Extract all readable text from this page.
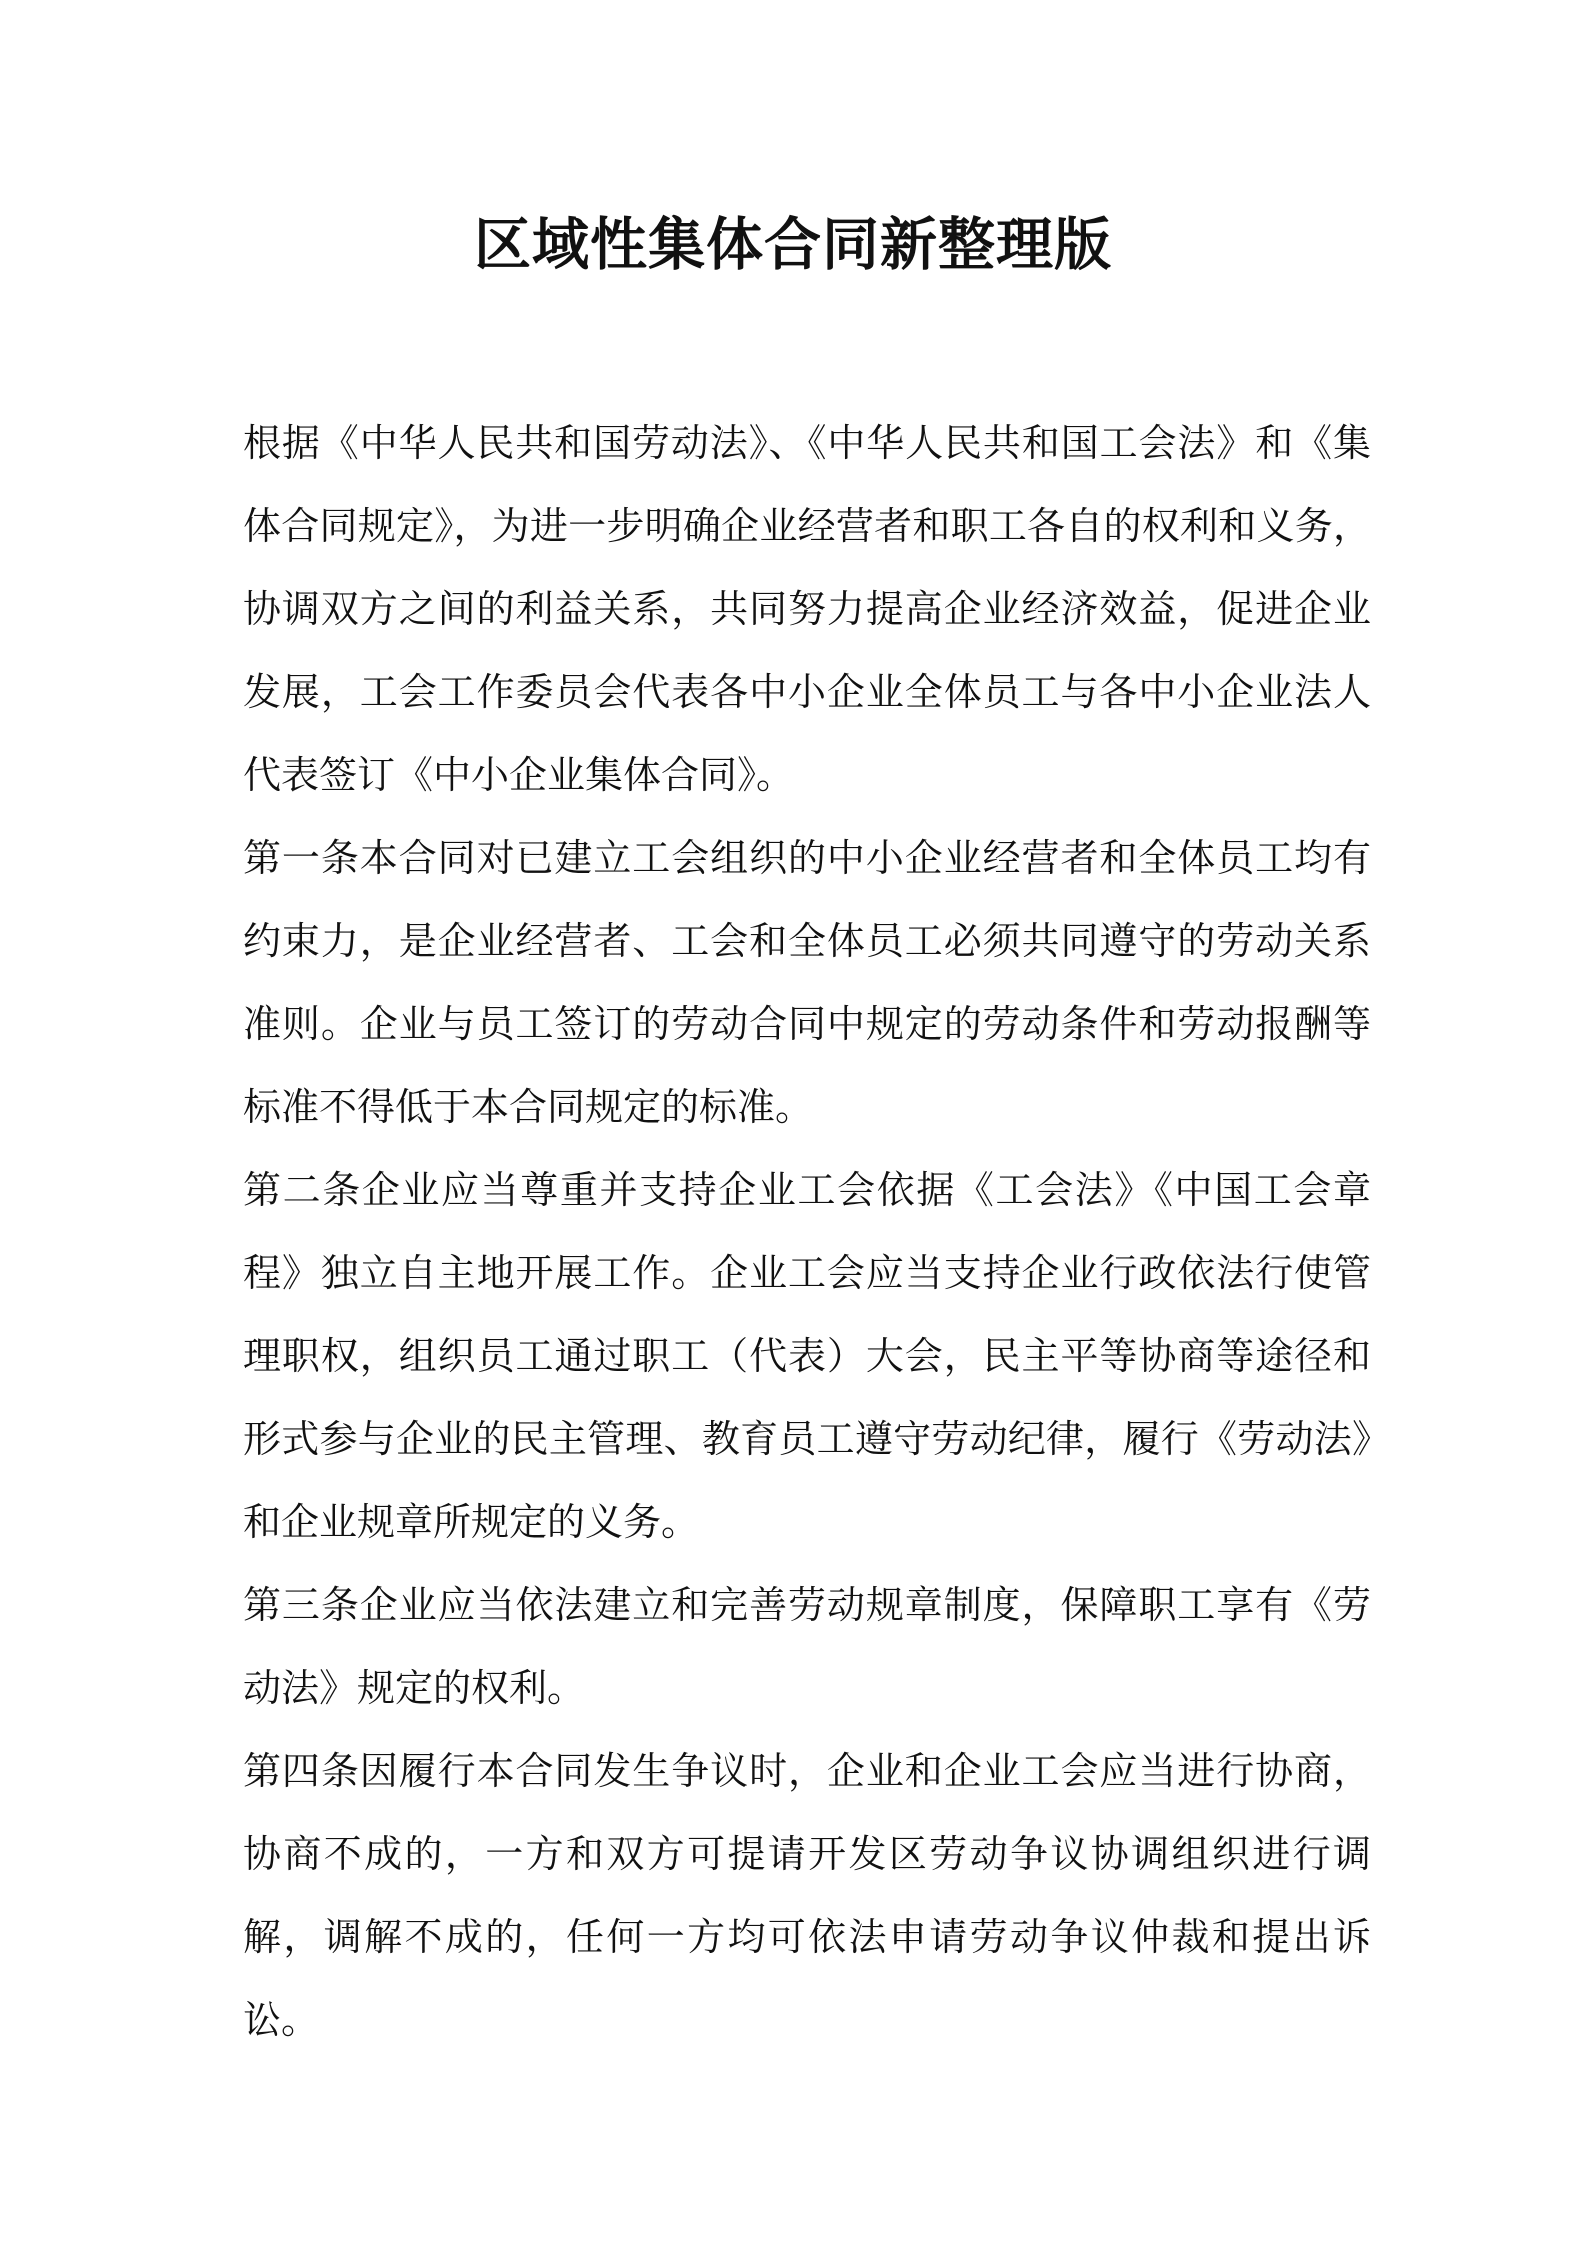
区域性集体合同新整理版

根据《中华人民共和国劳动法》、《中华人民共和国工会法》和《集体合同规定》，为进一步明确企业经营者和职工各自的权利和义务，协调双方之间的利益关系，共同努力提高企业经济效益，促进企业发展，工会工作委员会代表各中小企业全体员工与各中小企业法人代表签订《中小企业集体合同》。

第一条本合同对已建立工会组织的中小企业经营者和全体员工均有约束力，是企业经营者、工会和全体员工必须共同遵守的劳动关系准则。企业与员工签订的劳动合同中规定的劳动条件和劳动报酬等标准不得低于本合同规定的标准。

第二条企业应当尊重并支持企业工会依据《工会法》《中国工会章程》独立自主地开展工作。企业工会应当支持企业行政依法行使管理职权，组织员工通过职工（代表）大会，民主平等协商等途径和形式参与企业的民主管理、教育员工遵守劳动纪律，履行《劳动法》和企业规章所规定的义务。

第三条企业应当依法建立和完善劳动规章制度，保障职工享有《劳动法》规定的权利。

第四条因履行本合同发生争议时，企业和企业工会应当进行协商，协商不成的，一方和双方可提请开发区劳动争议协调组织进行调解，调解不成的，任何一方均可依法申请劳动争议仲裁和提出诉讼。
